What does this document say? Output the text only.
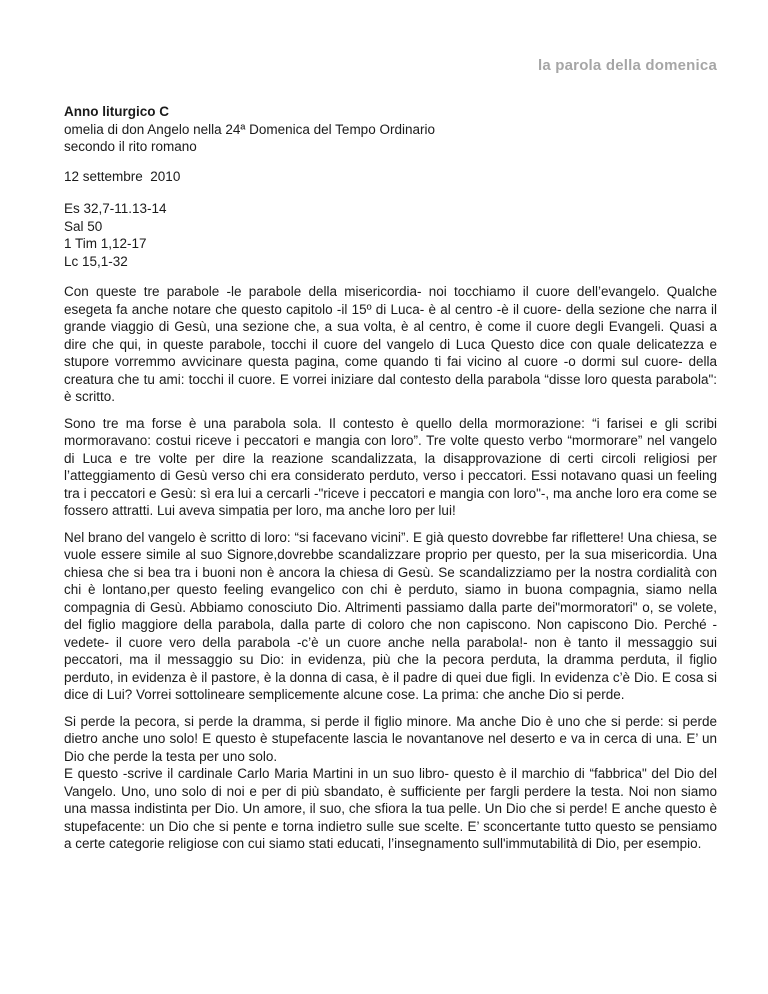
la parola della domenica
Anno liturgico C
omelia di don Angelo nella 24ª Domenica del Tempo Ordinario
secondo il rito romano
12 settembre  2010
Es 32,7-11.13-14
Sal 50
1 Tim 1,12-17
Lc 15,1-32

Con queste tre parabole -le parabole della misericordia- noi tocchiamo il cuore dell’evangelo. Qualche esegeta fa anche notare che questo capitolo -il 15º di Luca- è al centro -è il cuore- della sezione che narra il grande viaggio di Gesù, una sezione che, a sua volta, è al centro, è come il cuore degli Evangeli. Quasi a dire che qui, in queste parabole, tocchi il cuore del vangelo di Luca Questo dice con quale delicatezza e stupore vorremmo avvicinare questa pagina, come quando ti fai vicino al cuore -o dormi sul cuore- della creatura che tu ami: tocchi il cuore. E vorrei iniziare dal contesto della parabola “disse loro questa parabola": è scritto.

Sono tre ma forse è una parabola sola. Il contesto è quello della mormorazione: “i farisei e gli scribi mormoravano: costui riceve i peccatori e mangia con loro”. Tre volte questo verbo “mormorare” nel vangelo di Luca e tre volte per dire la reazione scandalizzata, la disapprovazione di certi circoli religiosi per l’atteggiamento di Gesù verso chi era considerato perduto, verso i peccatori. Essi notavano quasi un feeling tra i peccatori e Gesù: sì era lui a cercarli -"riceve i peccatori e mangia con loro"-, ma anche loro era come se fossero attratti. Lui aveva simpatia per loro, ma anche loro per lui!

Nel brano del vangelo è scritto di loro: “si facevano vicini”. E già questo dovrebbe far riflettere! Una chiesa, se vuole essere simile al suo Signore,dovrebbe scandalizzare proprio per questo, per la sua misericordia. Una chiesa che si bea tra i buoni non è ancora la chiesa di Gesù. Se scandalizziamo per la nostra cordialità con chi è lontano,per questo feeling evangelico con chi è perduto, siamo in buona compagnia, siamo nella compagnia di Gesù. Abbiamo conosciuto Dio. Altrimenti passiamo dalla parte dei"mormoratori" o, se volete, del figlio maggiore della parabola, dalla parte di coloro che non capiscono. Non capiscono Dio. Perché -vedete- il cuore vero della parabola -c’è un cuore anche nella parabola!- non è tanto il messaggio sui peccatori, ma il messaggio su Dio: in evidenza, più che la pecora perduta, la dramma perduta, il figlio perduto, in evidenza è il pastore, è la donna di casa, è il padre di quei due figli. In evidenza c’è Dio. E cosa si dice di Lui? Vorrei sottolineare semplicemente alcune cose. La prima: che anche Dio si perde.

Si perde la pecora, si perde la dramma, si perde il figlio minore. Ma anche Dio è uno che si perde: si perde dietro anche uno solo! E questo è stupefacente lascia le novantanove nel deserto e va in cerca di una. E’ un Dio che perde la testa per uno solo.

E questo -scrive il cardinale Carlo Maria Martini in un suo libro- questo è il marchio di “fabbrica" del Dio del Vangelo. Uno, uno solo di noi e per di più sbandato, è sufficiente per fargli perdere la testa. Noi non siamo una massa indistinta per Dio. Un amore, il suo, che sfiora la tua pelle. Un Dio che si perde! E anche questo è stupefacente: un Dio che si pente e torna indietro sulle sue scelte. E’ sconcertante tutto questo se pensiamo a certe categorie religiose con cui siamo stati educati, l’insegnamento sull'immutabilità di Dio, per esempio.
